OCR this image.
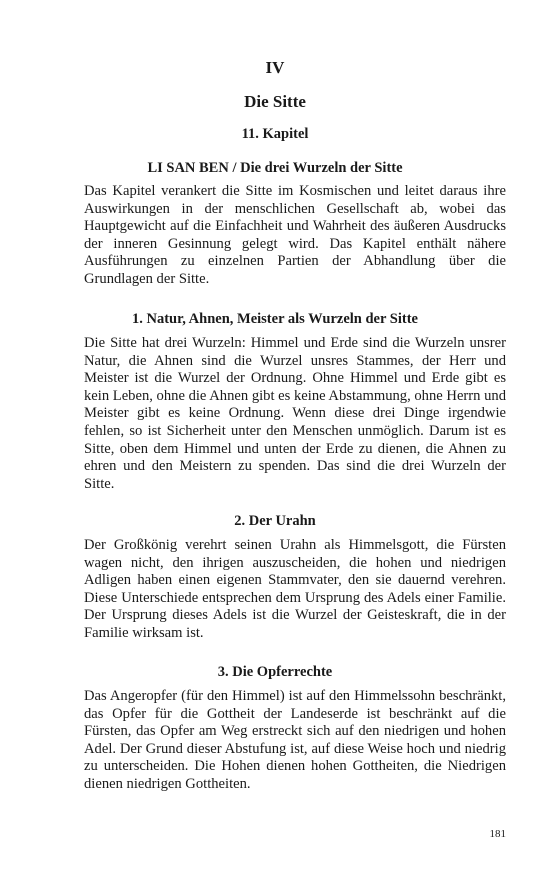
IV
Die Sitte
11. Kapitel
LI SAN BEN / Die drei Wurzeln der Sitte
Das Kapitel verankert die Sitte im Kosmischen und leitet daraus ihre Auswirkungen in der menschlichen Gesellschaft ab, wobei das Hauptgewicht auf die Einfachheit und Wahrheit des äußeren Ausdrucks der inneren Gesinnung gelegt wird. Das Kapitel enthält nähere Ausführungen zu einzelnen Partien der Abhandlung über die Grundlagen der Sitte.
1. Natur, Ahnen, Meister als Wurzeln der Sitte
Die Sitte hat drei Wurzeln: Himmel und Erde sind die Wurzeln unsrer Natur, die Ahnen sind die Wurzel unsres Stammes, der Herr und Meister ist die Wurzel der Ordnung. Ohne Himmel und Erde gibt es kein Leben, ohne die Ahnen gibt es keine Abstammung, ohne Herrn und Meister gibt es keine Ordnung. Wenn diese drei Dinge irgendwie fehlen, so ist Sicherheit unter den Menschen unmöglich. Darum ist es Sitte, oben dem Himmel und unten der Erde zu dienen, die Ahnen zu ehren und den Meistern zu spenden. Das sind die drei Wurzeln der Sitte.
2. Der Urahn
Der Großkönig verehrt seinen Urahn als Himmelsgott, die Fürsten wagen nicht, den ihrigen auszuscheiden, die hohen und niedrigen Adligen haben einen eigenen Stammvater, den sie dauernd verehren. Diese Unterschiede entsprechen dem Ursprung des Adels einer Familie. Der Ursprung dieses Adels ist die Wurzel der Geisteskraft, die in der Familie wirksam ist.
3. Die Opferrechte
Das Angeropfer (für den Himmel) ist auf den Himmelssohn beschränkt, das Opfer für die Gottheit der Landeserde ist beschränkt auf die Fürsten, das Opfer am Weg erstreckt sich auf den niedrigen und hohen Adel. Der Grund dieser Abstufung ist, auf diese Weise hoch und niedrig zu unterscheiden. Die Hohen dienen hohen Gottheiten, die Niedrigen dienen niedrigen Gottheiten.
181
